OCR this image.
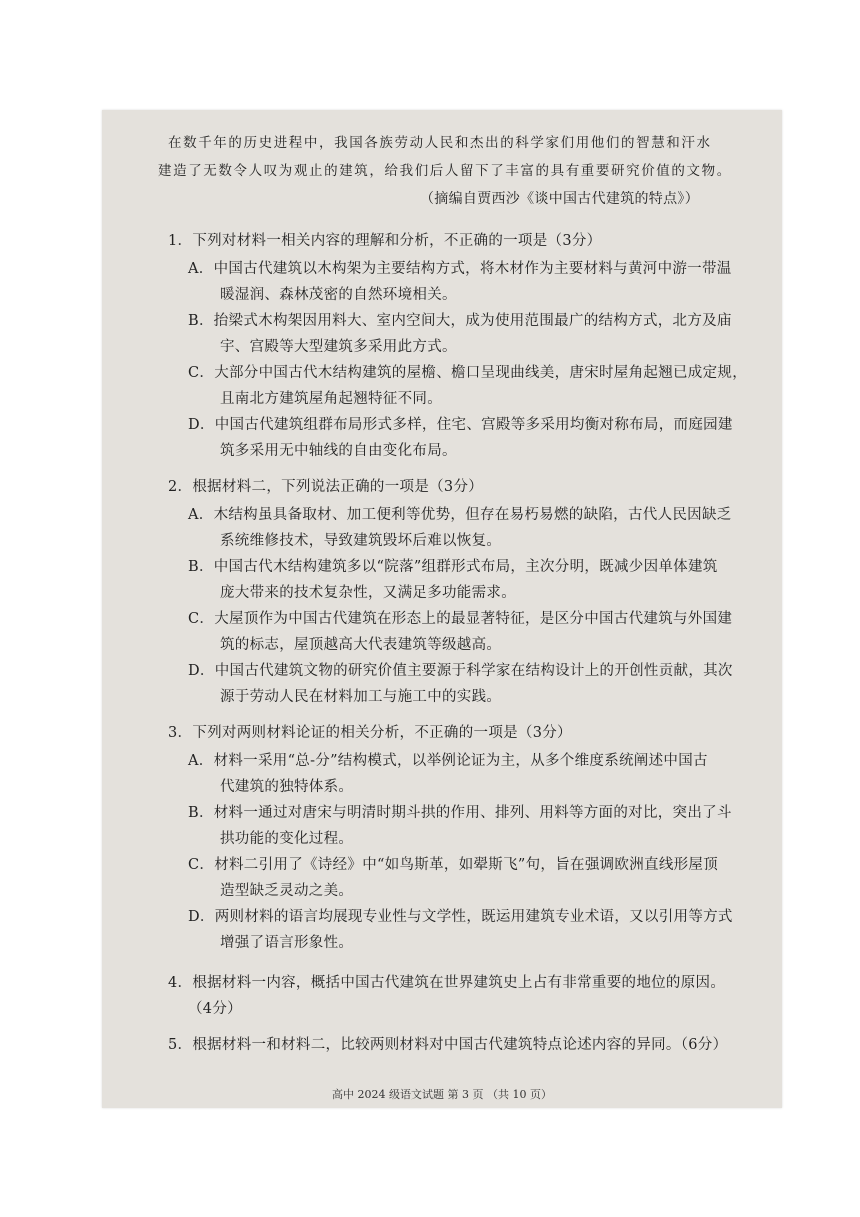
在数千年的历史进程中，我国各族劳动人民和杰出的科学家们用他们的智慧和汗水
建造了无数令人叹为观止的建筑，给我们后人留下了丰富的具有重要研究价值的文物。
（摘编自贾西沙《谈中国古代建筑的特点》）
1．下列对材料一相关内容的理解和分析，不正确的一项是（3分）
A．中国古代建筑以木构架为主要结构方式，将木材作为主要材料与黄河中游一带温
暖湿润、森林茂密的自然环境相关。
B．抬梁式木构架因用料大、室内空间大，成为使用范围最广的结构方式，北方及庙
宇、宫殿等大型建筑多采用此方式。
C．大部分中国古代木结构建筑的屋檐、檐口呈现曲线美，唐宋时屋角起翘已成定规，
且南北方建筑屋角起翘特征不同。
D．中国古代建筑组群布局形式多样，住宅、宫殿等多采用均衡对称布局，而庭园建
筑多采用无中轴线的自由变化布局。
2．根据材料二，下列说法正确的一项是（3分）
A．木结构虽具备取材、加工便利等优势，但存在易朽易燃的缺陷，古代人民因缺乏
系统维修技术，导致建筑毁坏后难以恢复。
B．中国古代木结构建筑多以“院落”组群形式布局，主次分明，既减少因单体建筑
庞大带来的技术复杂性，又满足多功能需求。
C．大屋顶作为中国古代建筑在形态上的最显著特征，是区分中国古代建筑与外国建
筑的标志，屋顶越高大代表建筑等级越高。
D．中国古代建筑文物的研究价值主要源于科学家在结构设计上的开创性贡献，其次
源于劳动人民在材料加工与施工中的实践。
3．下列对两则材料论证的相关分析，不正确的一项是（3分）
A．材料一采用“总-分”结构模式，以举例论证为主，从多个维度系统阐述中国古
代建筑的独特体系。
B．材料一通过对唐宋与明清时期斗拱的作用、排列、用料等方面的对比，突出了斗
拱功能的变化过程。
C．材料二引用了《诗经》中“如鸟斯革，如翚斯飞”句，旨在强调欧洲直线形屋顶
造型缺乏灵动之美。
D．两则材料的语言均展现专业性与文学性，既运用建筑专业术语，又以引用等方式
增强了语言形象性。
4．根据材料一内容，概括中国古代建筑在世界建筑史上占有非常重要的地位的原因。
（4分）
5．根据材料一和材料二，比较两则材料对中国古代建筑特点论述内容的异同。（6分）
高中 2024 级语文试题 第 3 页 （共 10 页）
